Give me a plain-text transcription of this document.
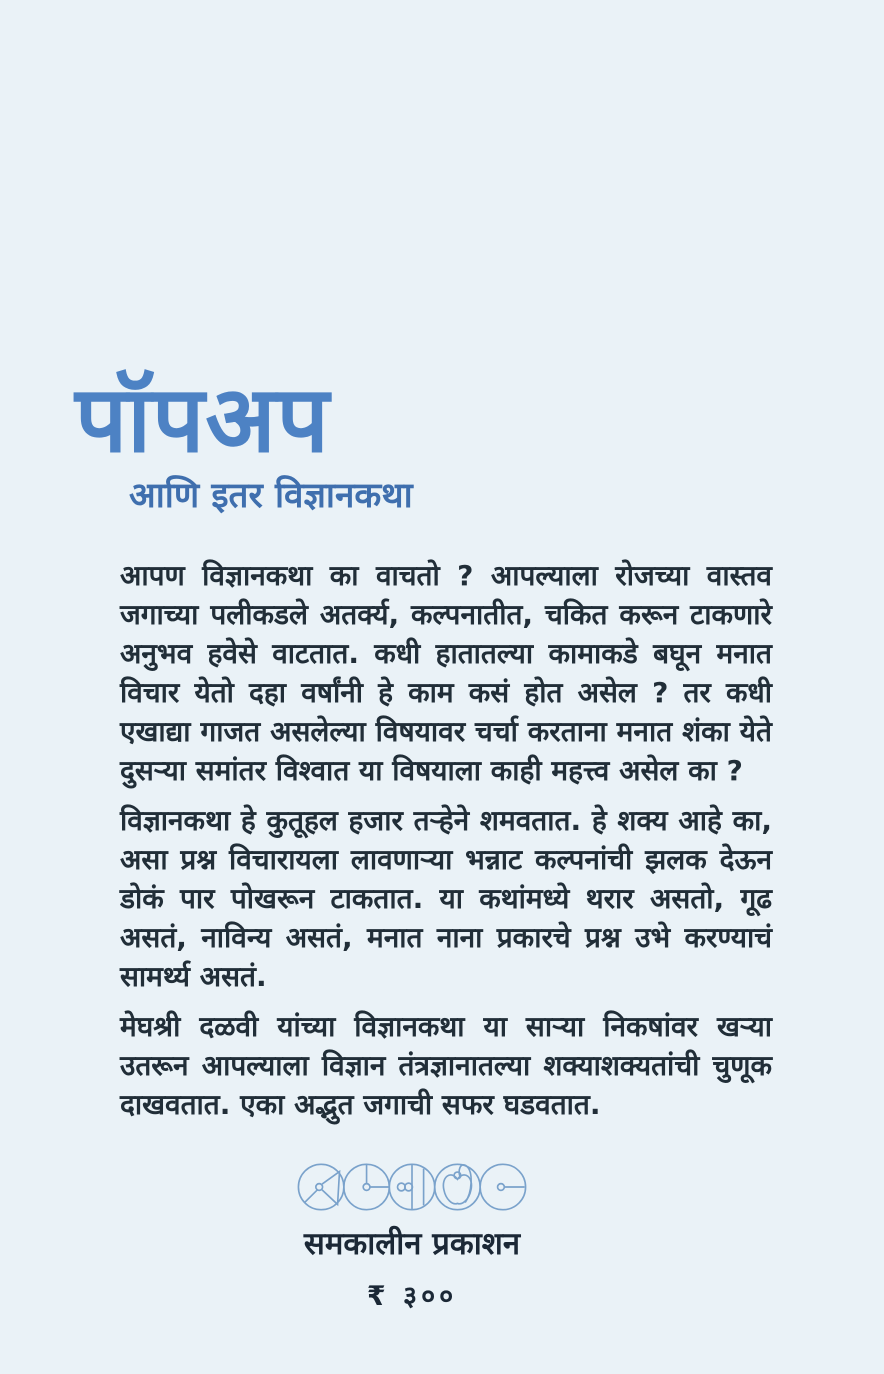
पॉपअप
आणि इतर विज्ञानकथा

आपण विज्ञानकथा का वाचतो ? आपल्याला रोजच्या वास्तव जगाच्या पलीकडले अतर्क्य, कल्पनातीत, चकित करून टाकणारे अनुभव हवेसे वाटतात. कधी हातातल्या कामाकडे बघून मनात विचार येतो दहा वर्षांनी हे काम कसं होत असेल ? तर कधी एखाद्या गाजत असलेल्या विषयावर चर्चा करताना मनात शंका येते दुसऱ्या समांतर विश्वात या विषयाला काही महत्त्व असेल का ?

विज्ञानकथा हे कुतूहल हजार तऱ्हेने शमवतात. हे शक्य आहे का, असा प्रश्न विचारायला लावणाऱ्या भन्नाट कल्पनांची झलक देऊन डोकं पार पोखरून टाकतात. या कथांमध्ये थरार असतो, गूढ असतं, नाविन्य असतं, मनात नाना प्रकारचे प्रश्न उभे करण्याचं सामर्थ्य असतं.

मेघश्री दळवी यांच्या विज्ञानकथा या साऱ्या निकषांवर खऱ्या उतरून आपल्याला विज्ञान तंत्रज्ञानातल्या शक्याशक्यतांची चुणूक दाखवतात. एका अद्भुत जगाची सफर घडवतात.

समकालीन प्रकाशन
₹ ३००
